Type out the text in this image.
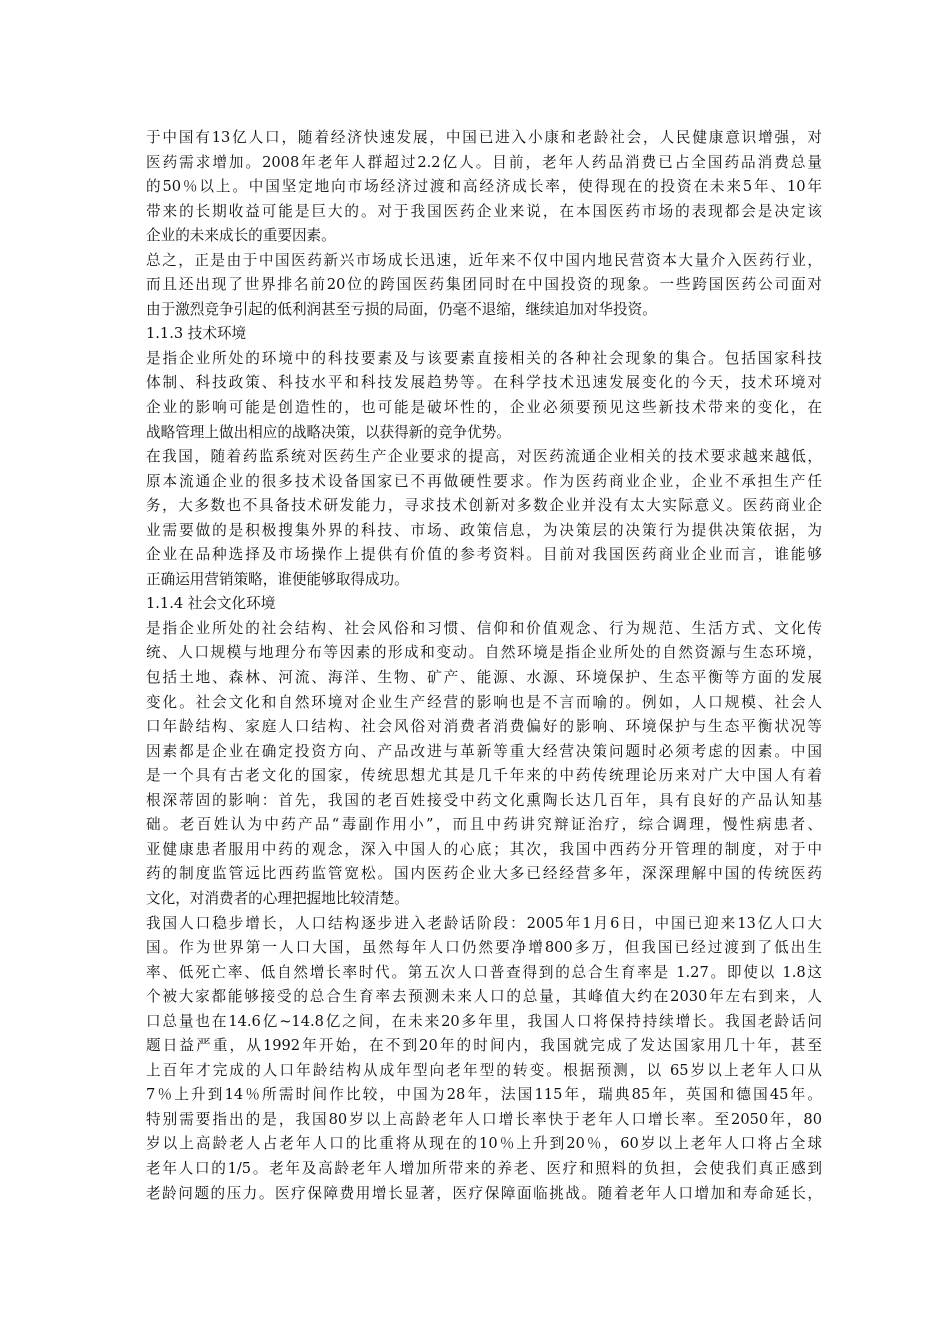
于中国有13亿人口，随着经济快速发展，中国已进入小康和老龄社会，人民健康意识增强，对
医药需求增加。2008年老年人群超过2.2亿人。目前，老年人药品消费已占全国药品消费总量
的50％以上。中国坚定地向市场经济过渡和高经济成长率，使得现在的投资在未来5年、10年
带来的长期收益可能是巨大的。对于我国医药企业来说，在本国医药市场的表现都会是决定该
企业的未来成长的重要因素。
总之，正是由于中国医药新兴市场成长迅速，近年来不仅中国内地民营资本大量介入医药行业，
而且还出现了世界排名前20位的跨国医药集团同时在中国投资的现象。一些跨国医药公司面对
由于激烈竞争引起的低利润甚至亏损的局面，仍毫不退缩，继续追加对华投资。
1.1.3 技术环境
是指企业所处的环境中的科技要素及与该要素直接相关的各种社会现象的集合。包括国家科技
体制、科技政策、科技水平和科技发展趋势等。在科学技术迅速发展变化的今天，技术环境对
企业的影响可能是创造性的，也可能是破坏性的，企业必须要预见这些新技术带来的变化，在
战略管理上做出相应的战略决策，以获得新的竞争优势。
在我国，随着药监系统对医药生产企业要求的提高，对医药流通企业相关的技术要求越来越低，
原本流通企业的很多技术设备国家已不再做硬性要求。作为医药商业企业，企业不承担生产任
务，大多数也不具备技术研发能力，寻求技术创新对多数企业并没有太大实际意义。医药商业企
业需要做的是积极搜集外界的科技、市场、政策信息，为决策层的决策行为提供决策依据，为
企业在品种选择及市场操作上提供有价值的参考资料。目前对我国医药商业企业而言，谁能够
正确运用营销策略，谁便能够取得成功。
1.1.4 社会文化环境
是指企业所处的社会结构、社会风俗和习惯、信仰和价值观念、行为规范、生活方式、文化传
统、人口规模与地理分布等因素的形成和变动。自然环境是指企业所处的自然资源与生态环境，
包括土地、森林、河流、海洋、生物、矿产、能源、水源、环境保护、生态平衡等方面的发展
变化。社会文化和自然环境对企业生产经营的影响也是不言而喻的。例如，人口规模、社会人
口年龄结构、家庭人口结构、社会风俗对消费者消费偏好的影响、环境保护与生态平衡状况等
因素都是企业在确定投资方向、产品改进与革新等重大经营决策问题时必须考虑的因素。中国
是一个具有古老文化的国家，传统思想尤其是几千年来的中药传统理论历来对广大中国人有着
根深蒂固的影响：首先，我国的老百姓接受中药文化熏陶长达几百年，具有良好的产品认知基
础。老百姓认为中药产品“毒副作用小”，而且中药讲究辩证治疗，综合调理，慢性病患者、
亚健康患者服用中药的观念，深入中国人的心底；其次，我国中西药分开管理的制度，对于中
药的制度监管远比西药监管宽松。国内医药企业大多已经经营多年，深深理解中国的传统医药
文化，对消费者的心理把握地比较清楚。
我国人口稳步增长，人口结构逐步进入老龄话阶段：2005年1月6日，中国已迎来13亿人口大
国。作为世界第一人口大国，虽然每年人口仍然要净增800多万，但我国已经过渡到了低出生
率、低死亡率、低自然增长率时代。第五次人口普查得到的总合生育率是 1.27。即使以 1.8这
个被大家都能够接受的总合生育率去预测未来人口的总量，其峰值大约在2030年左右到来，人
口总量也在14.6亿~14.8亿之间，在未来20多年里，我国人口将保持持续增长。我国老龄话问
题日益严重，从1992年开始，在不到20年的时间内，我国就完成了发达国家用几十年，甚至
上百年才完成的人口年龄结构从成年型向老年型的转变。根据预测，以 65岁以上老年人口从
7％上升到14％所需时间作比较，中国为28年，法国115年，瑞典85年，英国和德国45年。
特别需要指出的是，我国80岁以上高龄老年人口增长率快于老年人口增长率。至2050年，80
岁以上高龄老人占老年人口的比重将从现在的10％上升到20％，60岁以上老年人口将占全球
老年人口的1/5。老年及高龄老年人增加所带来的养老、医疗和照料的负担，会使我们真正感到
老龄问题的压力。医疗保障费用增长显著，医疗保障面临挑战。随着老年人口增加和寿命延长，
